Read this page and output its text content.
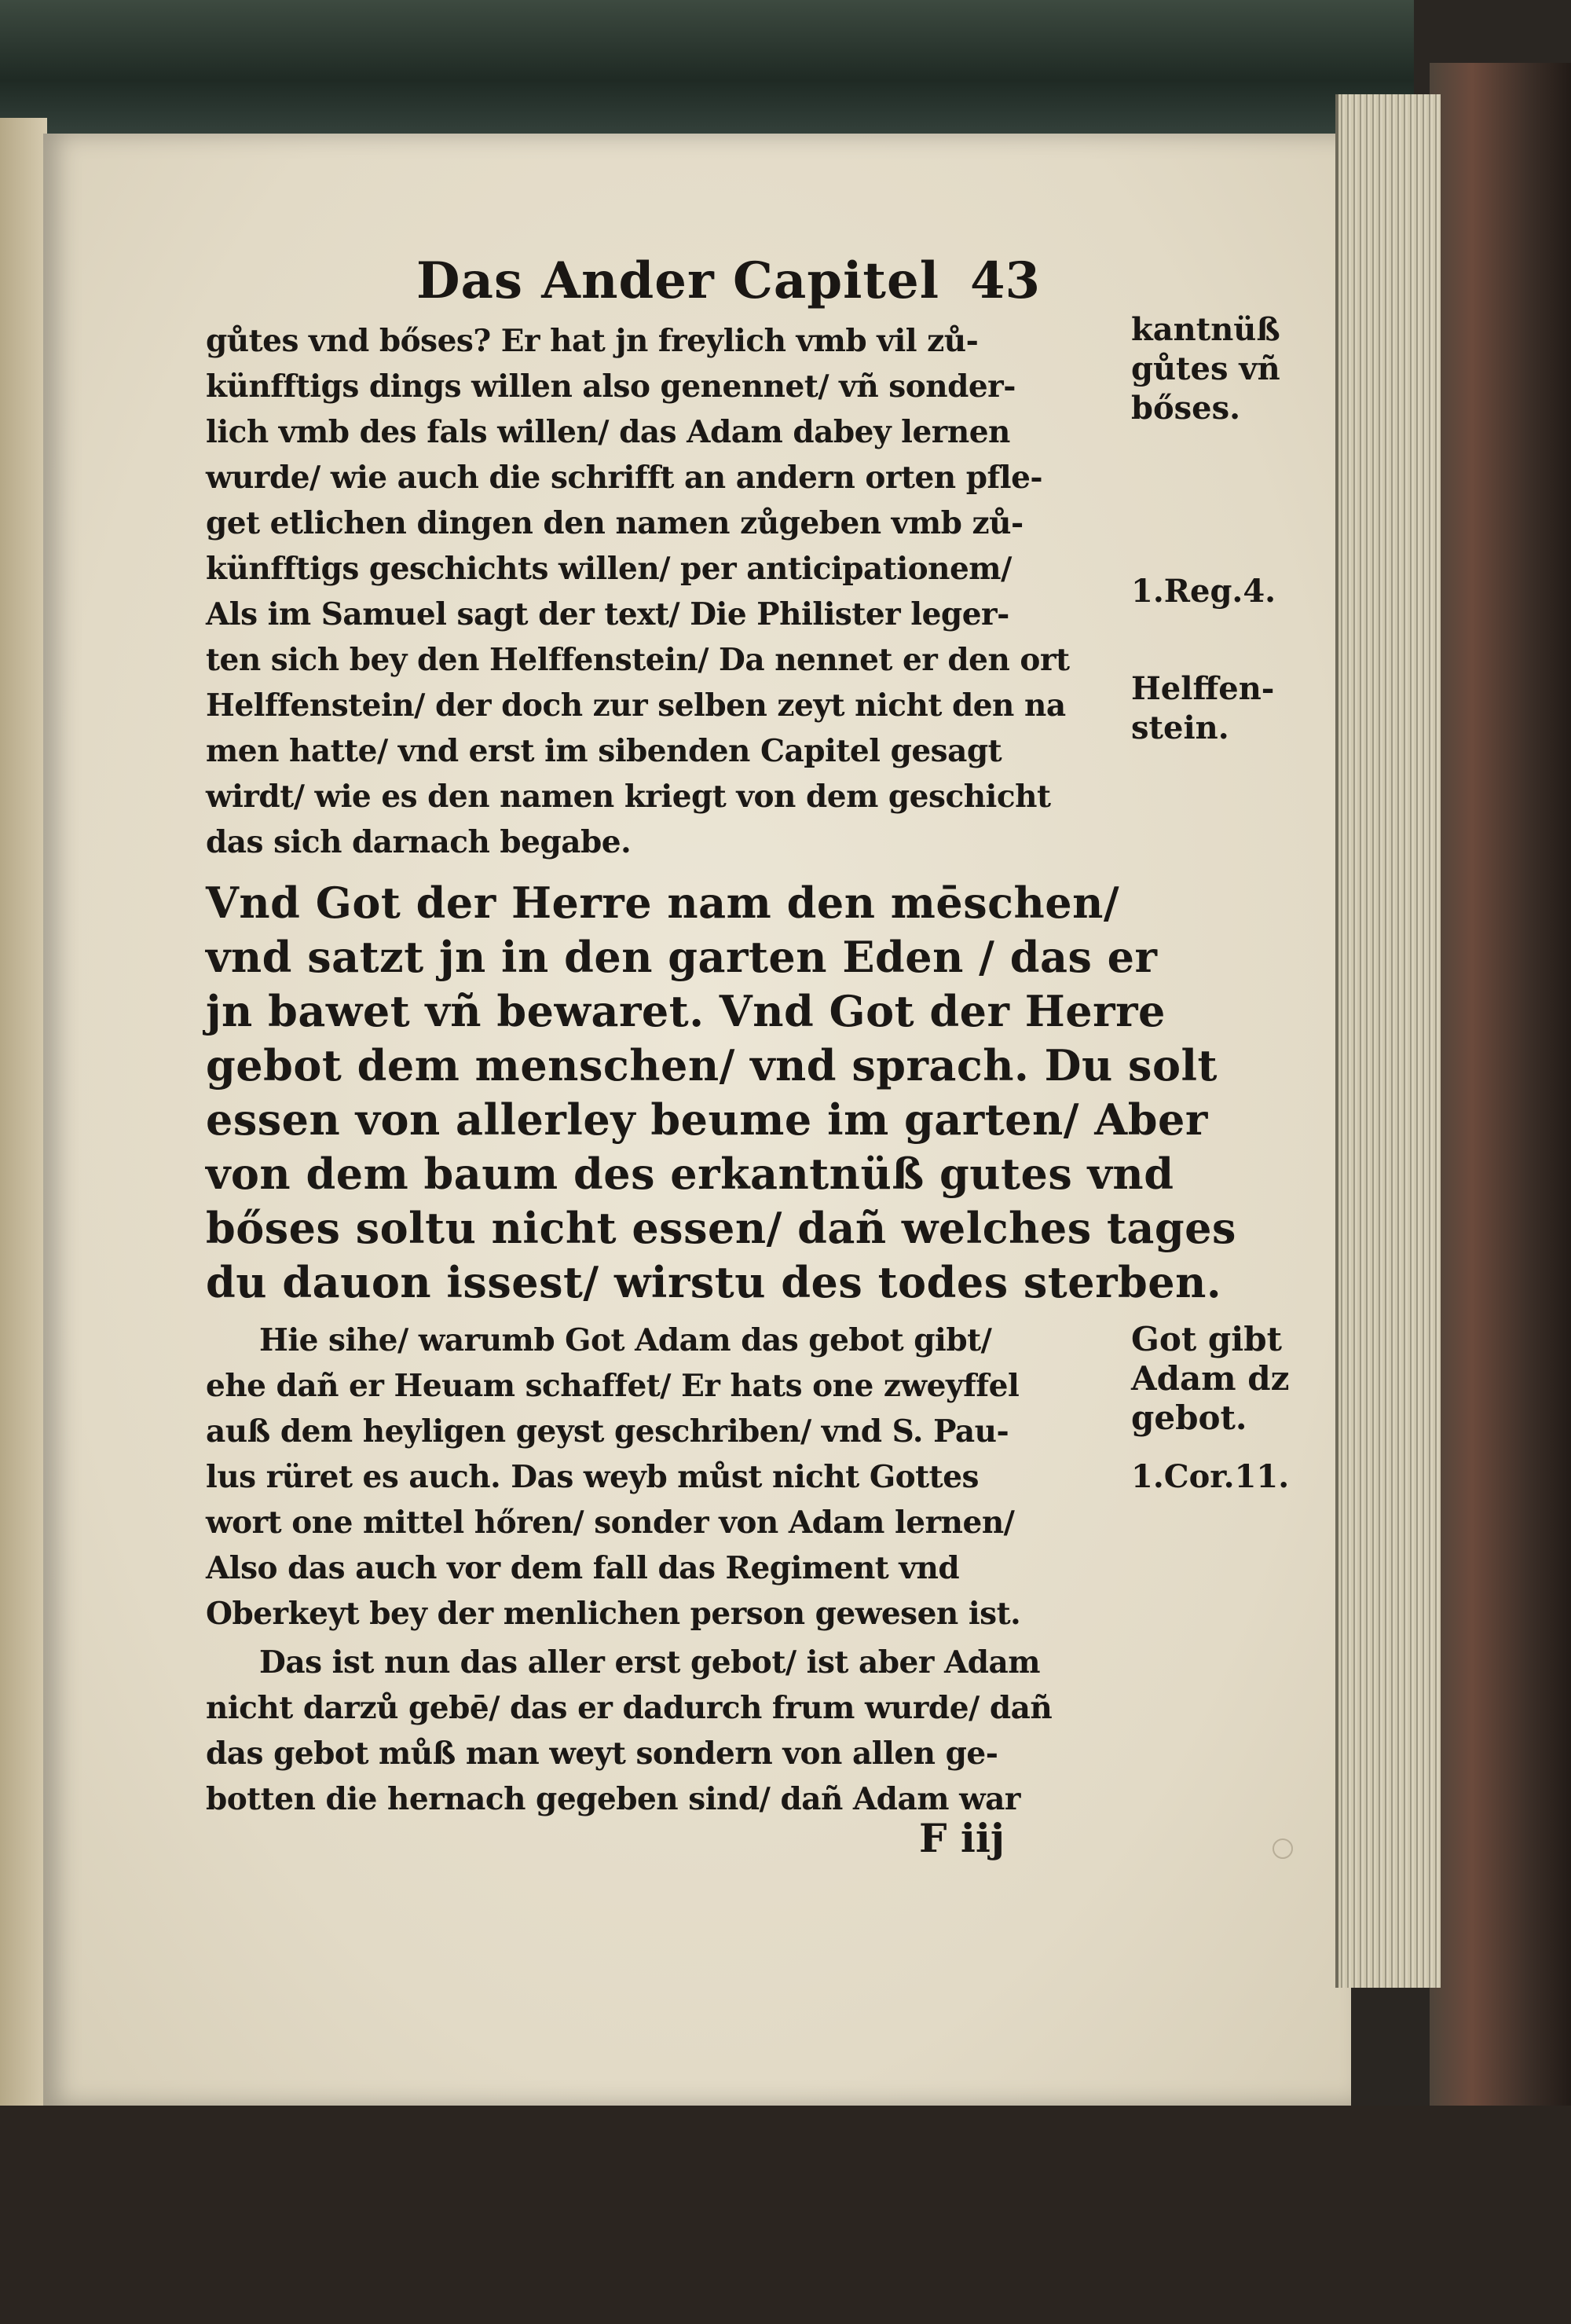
Das Ander Capitel 43
gůtes vnd bőses? Er hat jn freylich vmb vil zů-
künfftigs dings willen also genennet/ vñ sonder-
lich vmb des fals willen/ das Adam dabey lernen
wurde/ wie auch die schrifft an andern orten pfle-
get etlichen dingen den namen zůgeben vmb zů-
künfftigs geschichts willen/ per anticipationem/
Als im Samuel sagt der text/ Die Philister leger-
ten sich bey den Helffenstein/ Da nennet er den ort
Helffenstein/ der doch zur selben zeyt nicht den na
men hatte/ vnd erst im sibenden Capitel gesagt
wirdt/ wie es den namen kriegt von dem geschicht
das sich darnach begabe.
Vnd Got der Herre nam den mēschen/
vnd satzt jn in den garten Eden / das er
jn bawet vñ bewaret. Vnd Got der Herre
gebot dem menschen/ vnd sprach. Du solt
essen von allerley beume im garten/ Aber
von dem baum des erkantnüß gutes vnd
bőses soltu nicht essen/ dañ welches tages
du dauon issest/ wirstu des todes sterben.
Hie sihe/ warumb Got Adam das gebot gibt/
ehe dañ er Heuam schaffet/ Er hats one zweyffel
auß dem heyligen geyst geschriben/ vnd S. Pau-
lus rüret es auch. Das weyb můst nicht Gottes
wort one mittel hőren/ sonder von Adam lernen/
Also das auch vor dem fall das Regiment vnd
Oberkeyt bey der menlichen person gewesen ist.
Das ist nun das aller erst gebot/ ist aber Adam
nicht darzů gebē/ das er dadurch frum wurde/ dañ
das gebot můß man weyt sondern von allen ge-
botten die hernach gegeben sind/ dañ Adam war
F iij
kantnüß
gůtes vñ
bőses.
1.Reg.4.
Helffen-
stein.
Got gibt
Adam dz
gebot.
1.Cor.11.
